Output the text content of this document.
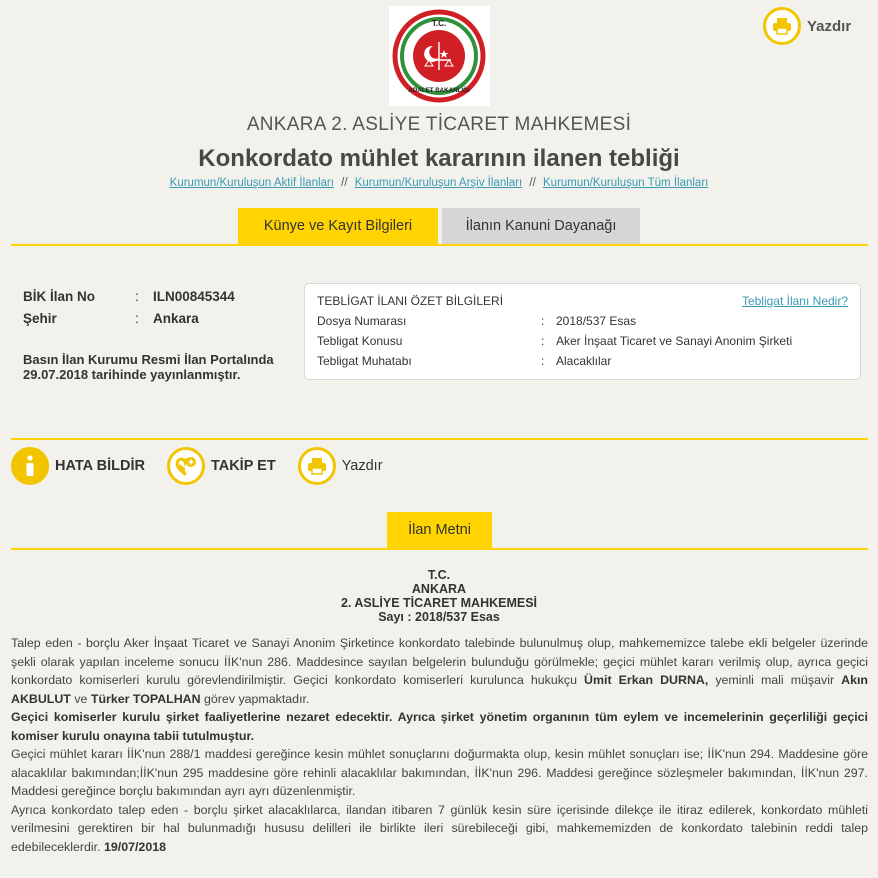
T.C.
ADALET BAKANLIĞI
Yazdır
ANKARA 2. ASLİYE TİCARET MAHKEMESİ
Konkordato mühlet kararının ilanen tebliği
Kurumun/Kuruluşun Aktif İlanları // Kurumun/Kuruluşun Arşiv İlanları // Kurumun/Kuruluşun Tüm İlanları
Künye ve Kayıt Bilgileri	İlanın Kanuni Dayanağı
BİK İlan No	:	ILN00845344
Şehir	:	Ankara
Basın İlan Kurumu Resmi İlan Portalında 29.07.2018 tarihinde yayınlanmıştır.
TEBLİGAT İLANI ÖZET BİLGİLERİ	Tebligat İlanı Nedir?
Dosya Numarası	: 2018/537 Esas
Tebligat Konusu	: Aker İnşaat Ticaret ve Sanayi Anonim Şirketi
Tebligat Muhatabı	: Alacaklılar
HATA BİLDİR	TAKİP ET	Yazdır
İlan Metni
T.C.
ANKARA
2. ASLİYE TİCARET MAHKEMESİ
Sayı : 2018/537 Esas

Talep eden - borçlu Aker İnşaat Ticaret ve Sanayi Anonim Şirketince konkordato talebinde bulunulmuş olup, mahkememizce talebe ekli belgeler üzerinde şekli olarak yapılan inceleme sonucu İİK'nun 286. Maddesince sayılan belgelerin bulunduğu görülmekle; geçici mühlet kararı verilmiş olup, ayrıca geçici konkordato komiserleri kurulu görevlendirilmiştir. Geçici konkordato komiserleri kurulunca hukukçu Ümit Erkan DURNA, yeminli mali müşavir Akın AKBULUT ve Türker TOPALHAN görev yapmaktadır.

Geçici komiserler kurulu şirket faaliyetlerine nezaret edecektir. Ayrıca şirket yönetim organının tüm eylem ve incemelerinin geçerliliği geçici komiser kurulu onayına tabii tutulmuştur.

Geçici mühlet kararı İİK'nun 288/1 maddesi gereğince kesin mühlet sonuçlarını doğurmakta olup, kesin mühlet sonuçları ise; İİK'nun 294. Maddesine göre alacaklılar bakımından;İİK'nun 295 maddesine göre rehinli alacaklılar bakımından, İİK'nun 296. Maddesi gereğince sözleşmeler bakımından, İİK'nun 297. Maddesi gereğince borçlu bakımından ayrı ayrı düzenlenmiştir.

Ayrıca konkordato talep eden - borçlu şirket alacaklılarca, ilandan itibaren 7 günlük kesin süre içerisinde dilekçe ile itiraz edilerek, konkordato mühleti verilmesini gerektiren bir hal bulunmadığı hususu delilleri ile birlikte ileri sürebileceği gibi, mahkememizden de konkordato talebinin reddi talep edebileceklerdir. 19/07/2018
